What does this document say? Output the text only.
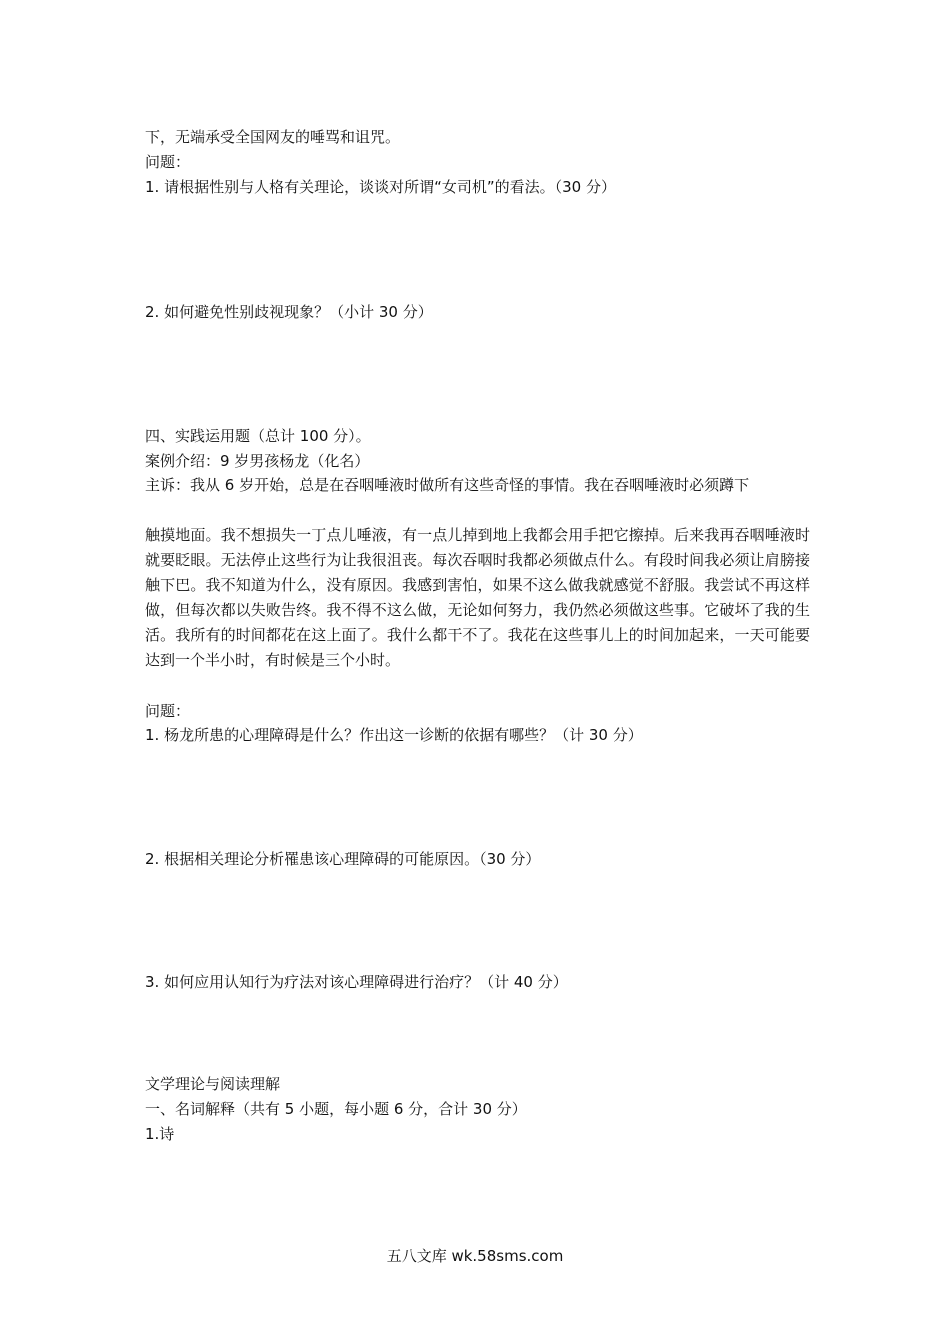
下，无端承受全国网友的唾骂和诅咒。
问题：
1. 请根据性别与人格有关理论，谈谈对所谓“女司机”的看法。（30 分）
2. 如何避免性别歧视现象？（小计 30 分）
四、实践运用题（总计 100 分）。
案例介绍：9 岁男孩杨龙（化名）
主诉：我从 6 岁开始，总是在吞咽唾液时做所有这些奇怪的事情。我在吞咽唾液时必须蹲下
触摸地面。我不想损失一丁点儿唾液，有一点儿掉到地上我都会用手把它擦掉。后来我再吞咽唾液时就要眨眼。无法停止这些行为让我很沮丧。每次吞咽时我都必须做点什么。有段时间我必须让肩膀接触下巴。我不知道为什么，没有原因。我感到害怕，如果不这么做我就感觉不舒服。我尝试不再这样做，但每次都以失败告终。我不得不这么做，无论如何努力，我仍然必须做这些事。它破坏了我的生活。我所有的时间都花在这上面了。我什么都干不了。我花在这些事儿上的时间加起来，一天可能要达到一个半小时，有时候是三个小时。
问题：
1. 杨龙所患的心理障碍是什么？作出这一诊断的依据有哪些？（计 30 分）
2. 根据相关理论分析罹患该心理障碍的可能原因。（30 分）
3. 如何应用认知行为疗法对该心理障碍进行治疗？（计 40 分）
文学理论与阅读理解
一、名词解释（共有 5 小题，每小题 6 分，合计 30 分）
1.诗
五八文库 wk.58sms.com
